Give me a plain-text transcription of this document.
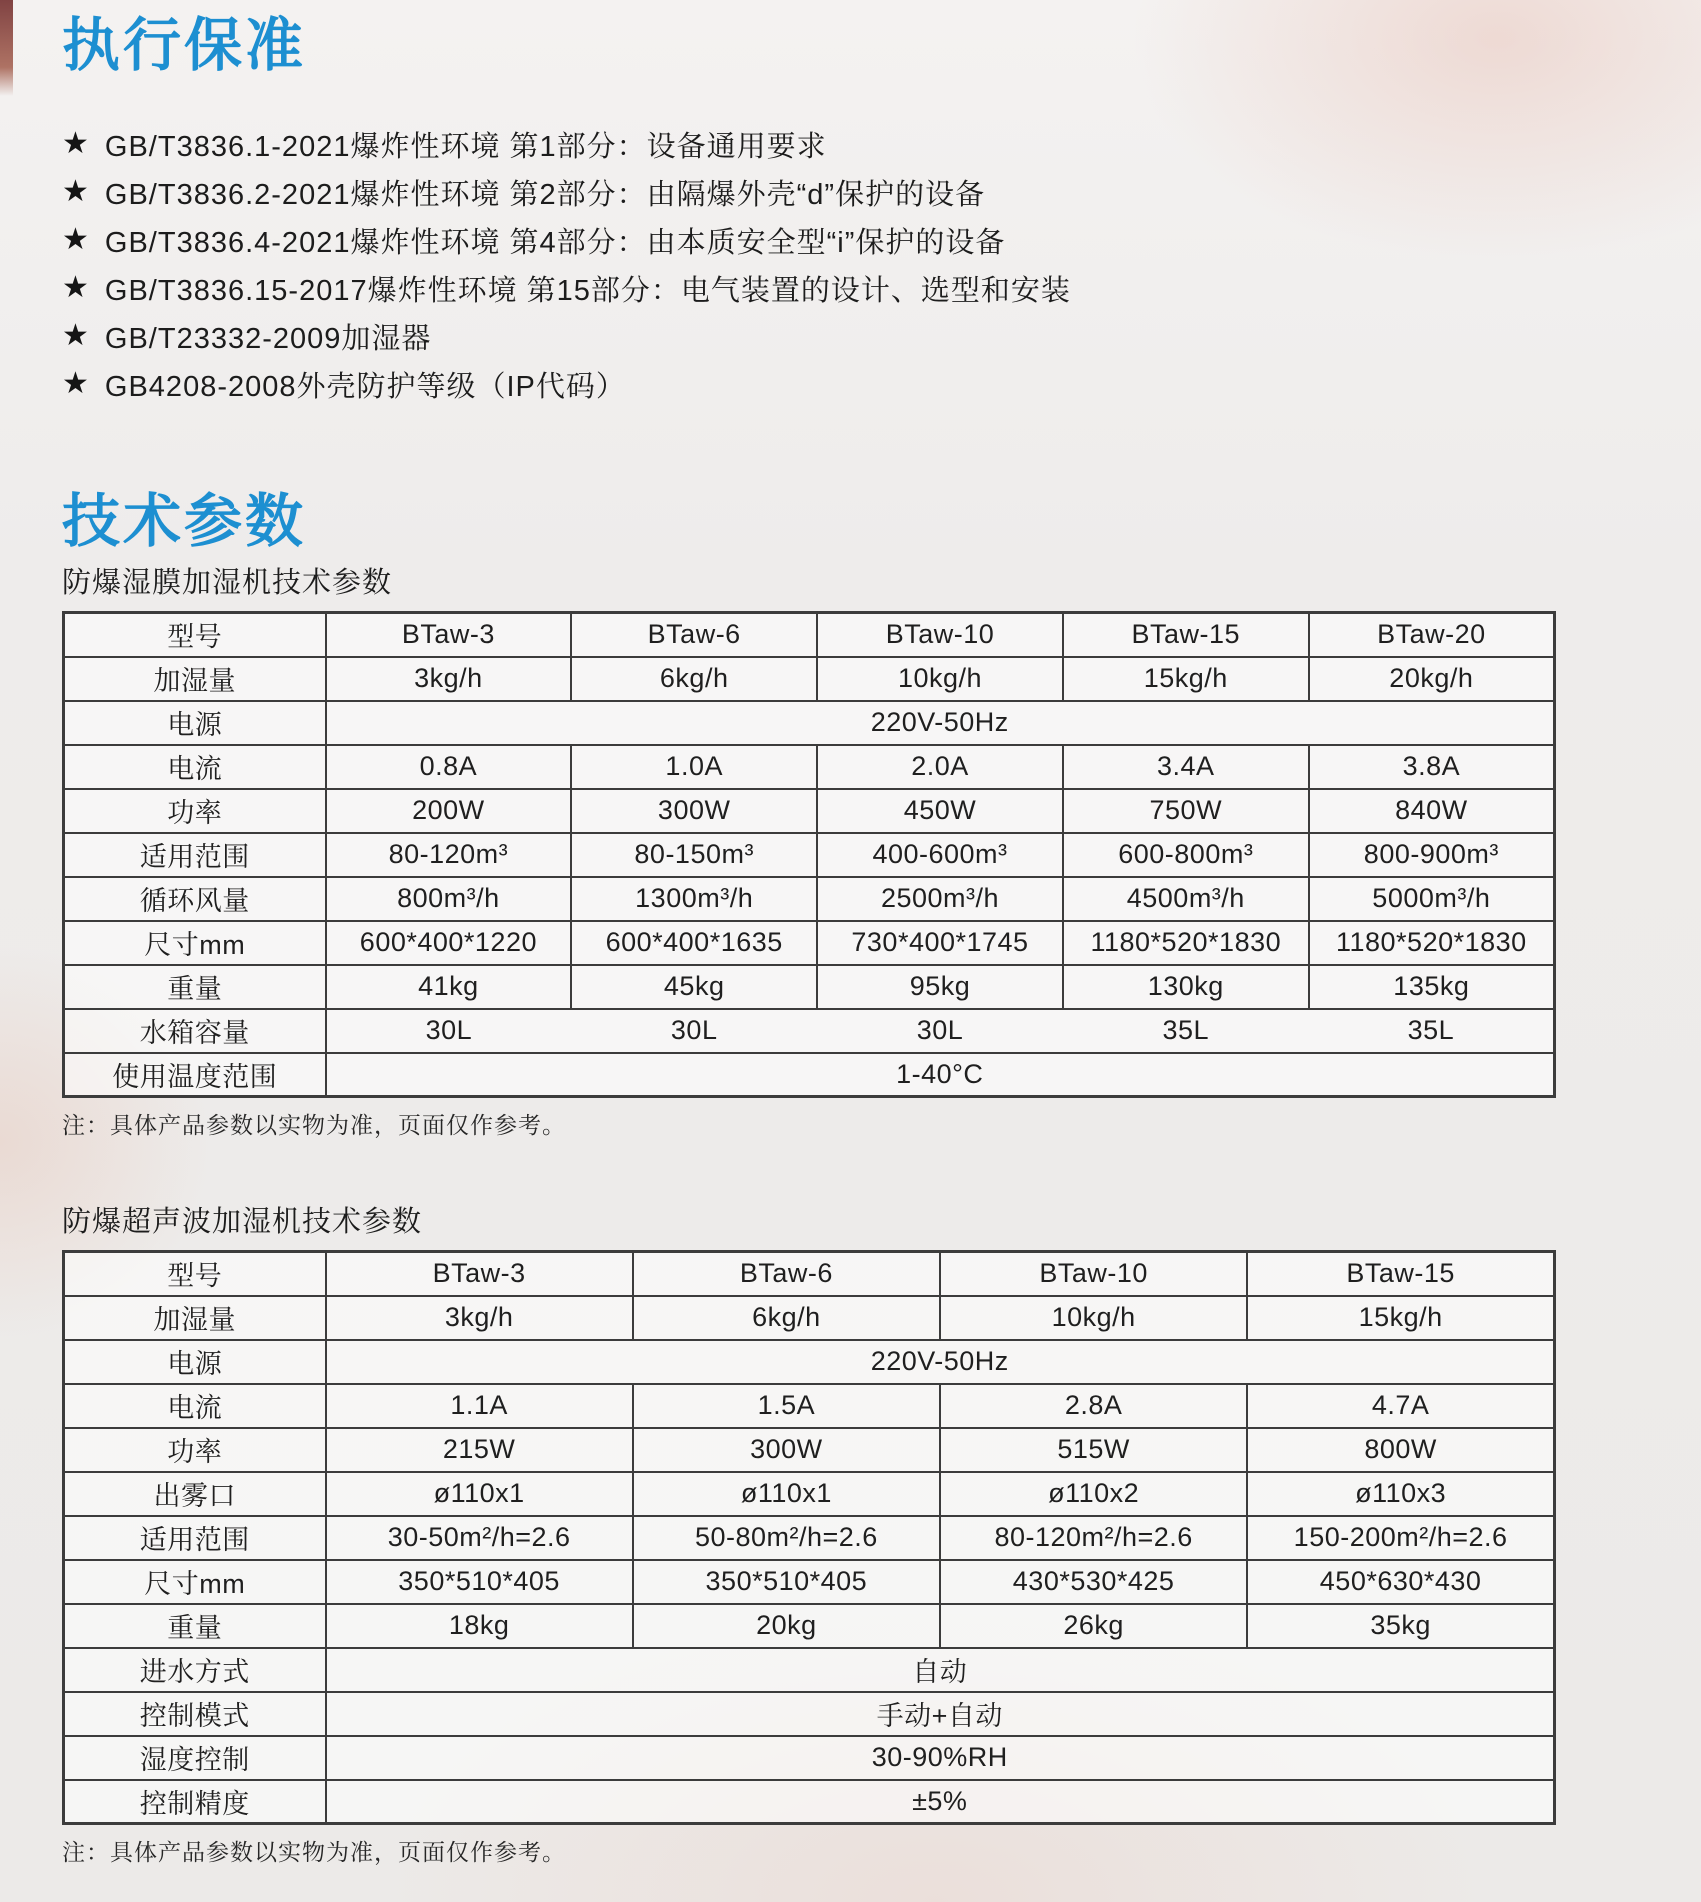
执行保准
★ GB/T3836.1-2021爆炸性环境 第1部分：设备通用要求
★ GB/T3836.2-2021爆炸性环境 第2部分：由隔爆外壳“d”保护的设备
★ GB/T3836.4-2021爆炸性环境 第4部分：由本质安全型“i”保护的设备
★ GB/T3836.15-2017爆炸性环境 第15部分：电气装置的设计、选型和安装
★ GB/T23332-2009加湿器
★ GB4208-2008外壳防护等级（IP代码）
技术参数
防爆湿膜加湿机技术参数
型号	BTaw-3	BTaw-6	BTaw-10	BTaw-15	BTaw-20
加湿量	3kg/h	6kg/h	10kg/h	15kg/h	20kg/h
电源	220V-50Hz				
电流	0.8A	1.0A	2.0A	3.4A	3.8A
功率	200W	300W	450W	750W	840W
适用范围	80-120m³	80-150m³	400-600m³	600-800m³	800-900m³
循环风量	800m³/h	1300m³/h	2500m³/h	4500m³/h	5000m³/h
尺寸mm	600*400*1220	600*400*1635	730*400*1745	1180*520*1830	1180*520*1830
重量	41kg	45kg	95kg	130kg	135kg
水箱容量	30L	30L	30L	35L	35L
使用温度范围	1-40°C				
注：具体产品参数以实物为准，页面仅作参考。
防爆超声波加湿机技术参数
型号	BTaw-3	BTaw-6	BTaw-10	BTaw-15
加湿量	3kg/h	6kg/h	10kg/h	15kg/h
电源	220V-50Hz			
电流	1.1A	1.5A	2.8A	4.7A
功率	215W	300W	515W	800W
出雾口	ø110x1	ø110x1	ø110x2	ø110x3
适用范围	30-50m²/h=2.6	50-80m²/h=2.6	80-120m²/h=2.6	150-200m²/h=2.6
尺寸mm	350*510*405	350*510*405	430*530*425	450*630*430
重量	18kg	20kg	26kg	35kg
进水方式	自动			
控制模式	手动+自动			
湿度控制	30-90%RH			
控制精度	±5%			
注：具体产品参数以实物为准，页面仅作参考。
